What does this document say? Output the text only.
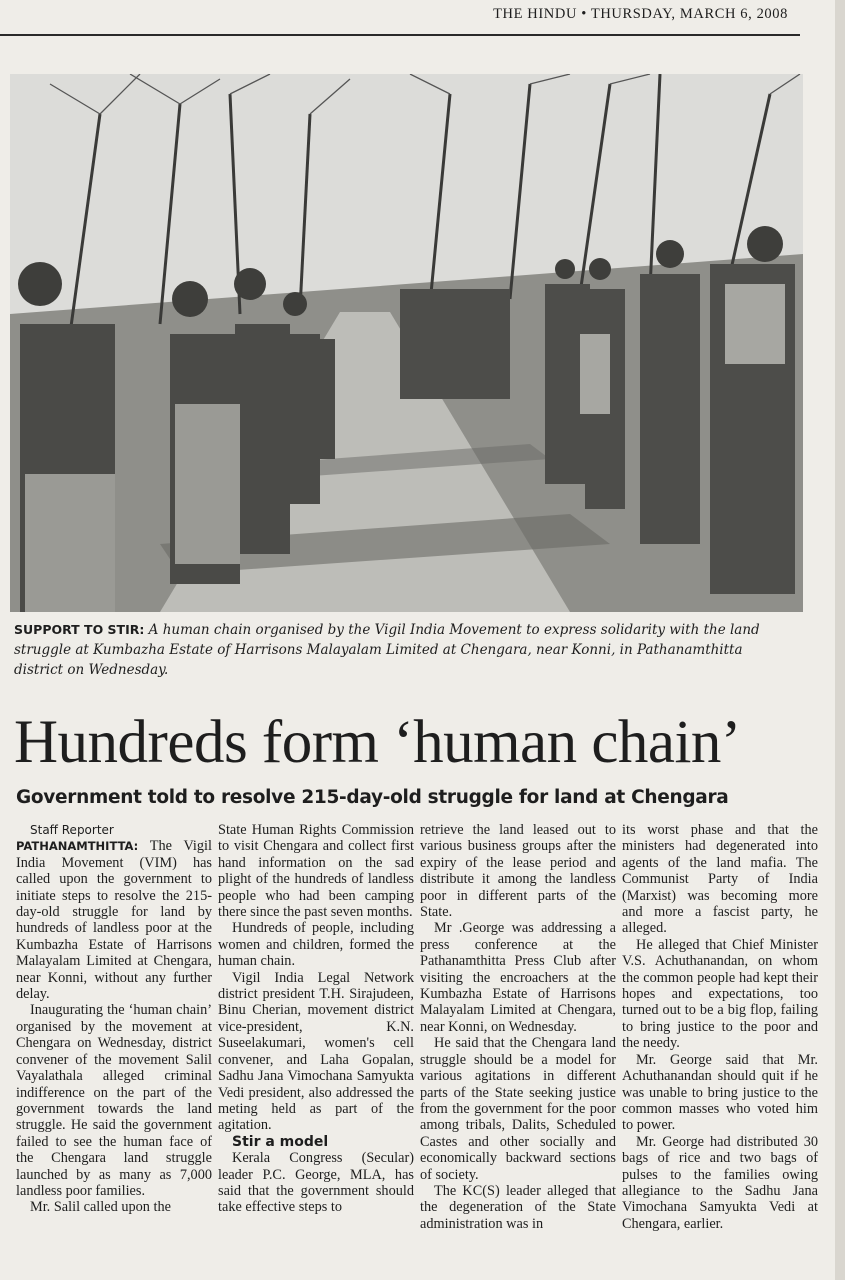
THE HINDU • THURSDAY, MARCH 6, 2008
SUPPORT TO STIR: A human chain organised by the Vigil India Movement to express solidarity with the land struggle at Kumbazha Estate of Harrisons Malayalam Limited at Chengara, near Konni, in Pathanamthitta district on Wednesday.
Hundreds form ‘human chain’
Government told to resolve 215-day-old struggle for land at Chengara

Staff Reporter

PATHANAMTHITTA: The Vigil India Movement (VIM) has called upon the government to initiate steps to resolve the 215-day-old struggle for land by hundreds of landless poor at the Kumbazha Estate of Harrisons Malayalam Limited at Chengara, near Konni, without any further delay.

Inaugurating the ‘human chain’ organised by the movement at Chengara on Wednesday, district convener of the movement Salil Vayalathala alleged criminal indifference on the part of the government towards the land struggle. He said the government failed to see the human face of the Chengara land struggle launched by as many as 7,000 landless poor families.

Mr. Salil called upon the

State Human Rights Commission to visit Chengara and collect first hand information on the sad plight of the hundreds of landless people who had been camping there since the past seven months.

Hundreds of people, including women and children, formed the human chain.

Vigil India Legal Network district president T.H. Sirajudeen, Binu Cherian, movement district vice-president, K.N. Suseelakumari, women's cell convener, and Laha Gopalan, Sadhu Jana Vimochana Samyukta Vedi president, also addressed the meting held as part of the agitation.

Stir a model

Kerala Congress (Secular) leader P.C. George, MLA, has said that the government should take effective steps to

retrieve the land leased out to various business groups after the expiry of the lease period and distribute it among the landless poor in different parts of the State.

Mr .George was addressing a press conference at the Pathanamthitta Press Club after visiting the encroachers at the Kumbazha Estate of Harrisons Malayalam Limited at Chengara, near Konni, on Wednesday.

He said that the Chengara land struggle should be a model for various agitations in different parts of the State seeking justice from the government for the poor among tribals, Dalits, Scheduled Castes and other socially and economically backward sections of society.

The KC(S) leader alleged that the degeneration of the State administration was in

its worst phase and that the ministers had degenerated into agents of the land mafia. The Communist Party of India (Marxist) was becoming more and more a fascist party, he alleged.

He alleged that Chief Minister V.S. Achuthanandan, on whom the common people had kept their hopes and expectations, too turned out to be a big flop, failing to bring justice to the poor and the needy.

Mr. George said that Mr. Achuthanandan should quit if he was unable to bring justice to the common masses who voted him to power.

Mr. George had distributed 30 bags of rice and two bags of pulses to the families owing allegiance to the Sadhu Jana Vimochana Samyukta Vedi at Chengara, earlier.
